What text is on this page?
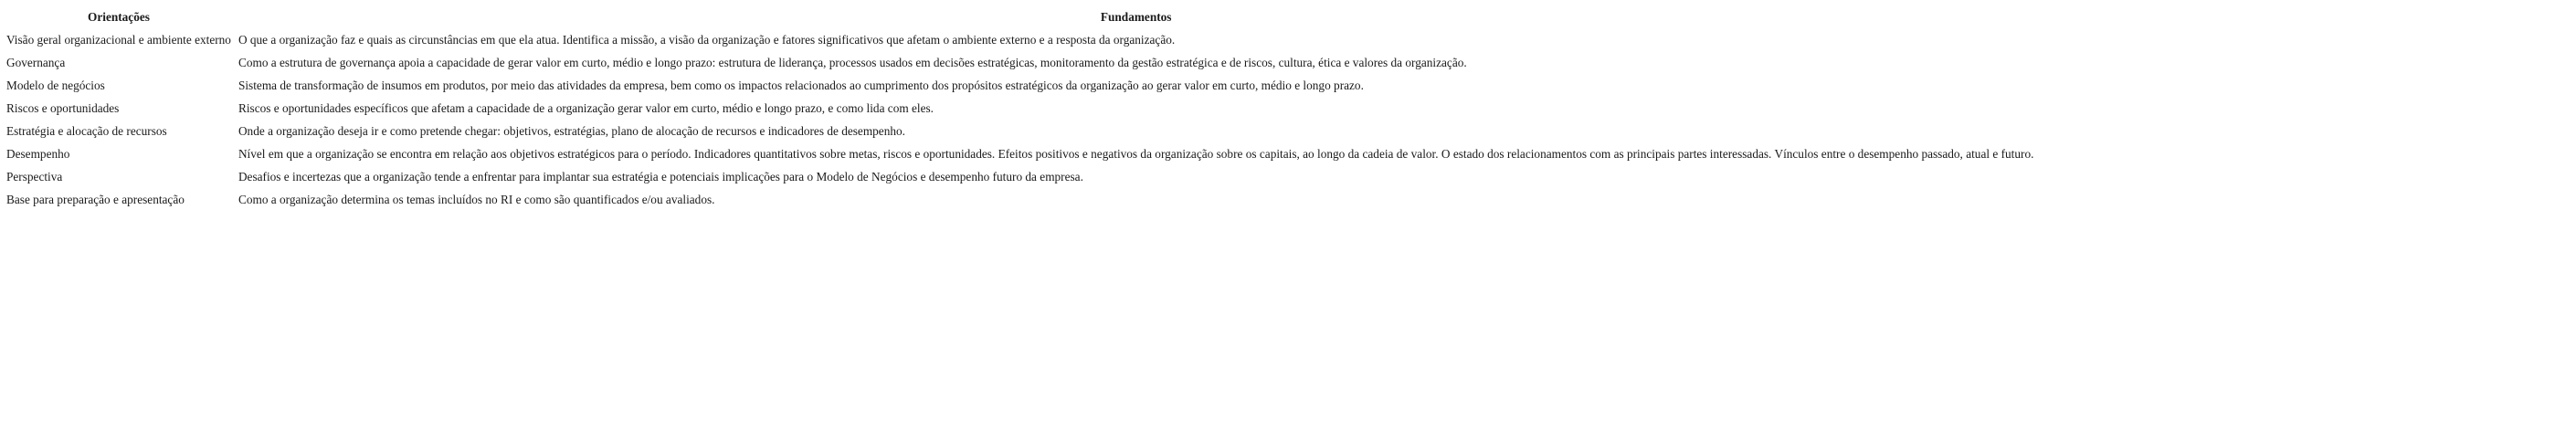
Orientações	Fundamentos
Visão geral organizacional e ambiente externo	O que a organização faz e quais as circunstâncias em que ela atua. Identifica a missão, a visão da organização e fatores significativos que afetam o ambiente externo e a resposta da organização.
Governança	Como a estrutura de governança apoia a capacidade de gerar valor em curto, médio e longo prazo: estrutura de liderança, processos usados em decisões estratégicas, monitoramento da gestão estratégica e de riscos, cultura, ética e valores da organização.
Modelo de negócios	Sistema de transformação de insumos em produtos, por meio das atividades da empresa, bem como os impactos relacionados ao cumprimento dos propósitos estratégicos da organização ao gerar valor em curto, médio e longo prazo.
Riscos e oportunidades	Riscos e oportunidades específicos que afetam a capacidade de a organização gerar valor em curto, médio e longo prazo, e como lida com eles.
Estratégia e alocação de recursos	Onde a organização deseja ir e como pretende chegar: objetivos, estratégias, plano de alocação de recursos e indicadores de desempenho.
Desempenho	Nível em que a organização se encontra em relação aos objetivos estratégicos para o período. Indicadores quantitativos sobre metas, riscos e oportunidades. Efeitos positivos e negativos da organização sobre os capitais, ao longo da cadeia de valor. O estado dos relacionamentos com as principais partes interessadas. Vínculos entre o desempenho passado, atual e futuro.
Perspectiva	Desafios e incertezas que a organização tende a enfrentar para implantar sua estratégia e potenciais implicações para o Modelo de Negócios e desempenho futuro da empresa.
Base para preparação e apresentação	Como a organização determina os temas incluídos no RI e como são quantificados e/ou avaliados.
